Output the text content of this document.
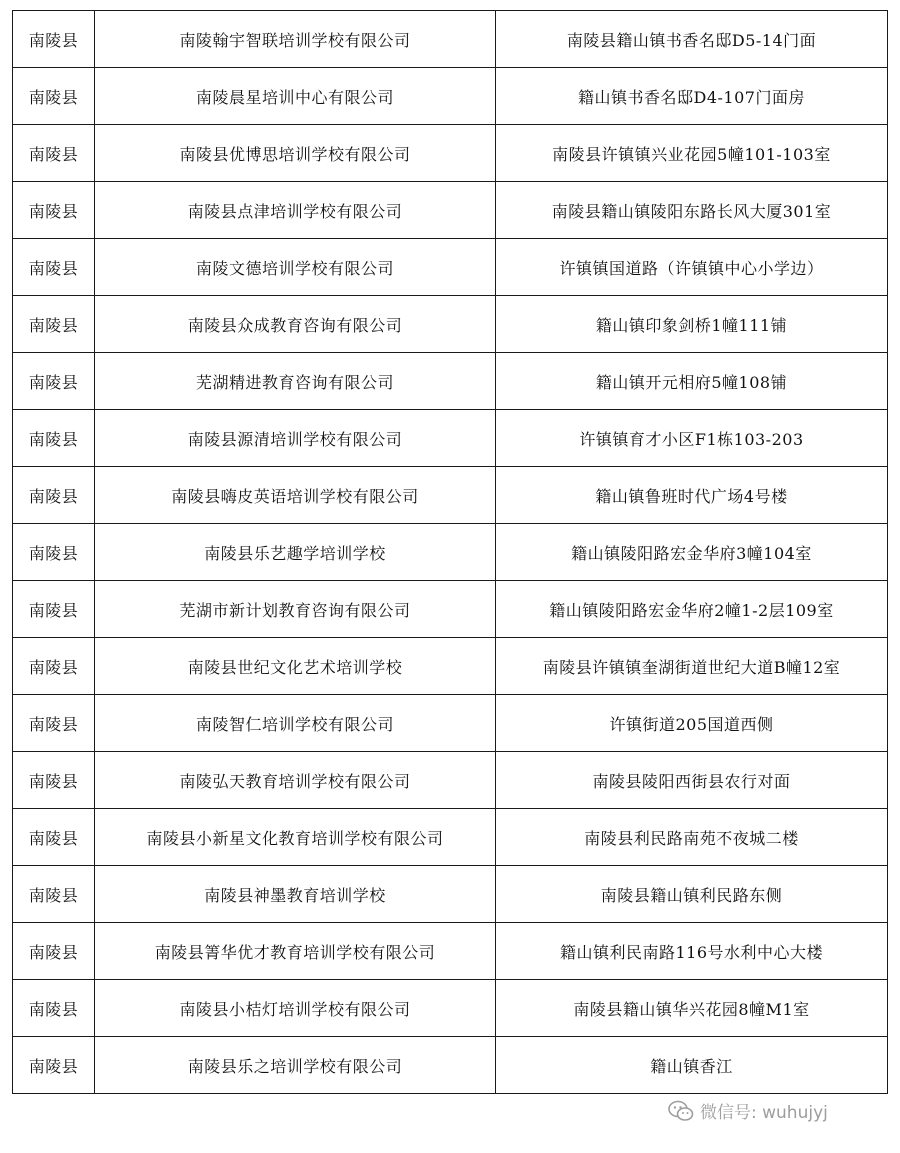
南陵县	南陵翰宇智联培训学校有限公司	南陵县籍山镇书香名邸D5-14门面
南陵县	南陵晨星培训中心有限公司	籍山镇书香名邸D4-107门面房
南陵县	南陵县优博思培训学校有限公司	南陵县许镇镇兴业花园5幢101-103室
南陵县	南陵县点津培训学校有限公司	南陵县籍山镇陵阳东路长风大厦301室
南陵县	南陵文德培训学校有限公司	许镇镇国道路（许镇镇中心小学边）
南陵县	南陵县众成教育咨询有限公司	籍山镇印象剑桥1幢111铺
南陵县	芜湖精进教育咨询有限公司	籍山镇开元相府5幢108铺
南陵县	南陵县源清培训学校有限公司	许镇镇育才小区F1栋103-203
南陵县	南陵县嗨皮英语培训学校有限公司	籍山镇鲁班时代广场4号楼
南陵县	南陵县乐艺趣学培训学校	籍山镇陵阳路宏金华府3幢104室
南陵县	芜湖市新计划教育咨询有限公司	籍山镇陵阳路宏金华府2幢1-2层109室
南陵县	南陵县世纪文化艺术培训学校	南陵县许镇镇奎湖街道世纪大道B幢12室
南陵县	南陵智仁培训学校有限公司	许镇街道205国道西侧
南陵县	南陵弘天教育培训学校有限公司	南陵县陵阳西街县农行对面
南陵县	南陵县小新星文化教育培训学校有限公司	南陵县利民路南苑不夜城二楼
南陵县	南陵县神墨教育培训学校	南陵县籍山镇利民路东侧
南陵县	南陵县箐华优才教育培训学校有限公司	籍山镇利民南路116号水利中心大楼
南陵县	南陵县小桔灯培训学校有限公司	南陵县籍山镇华兴花园8幢M1室
南陵县	南陵县乐之培训学校有限公司	籍山镇香江
微信号: wuhujyj
